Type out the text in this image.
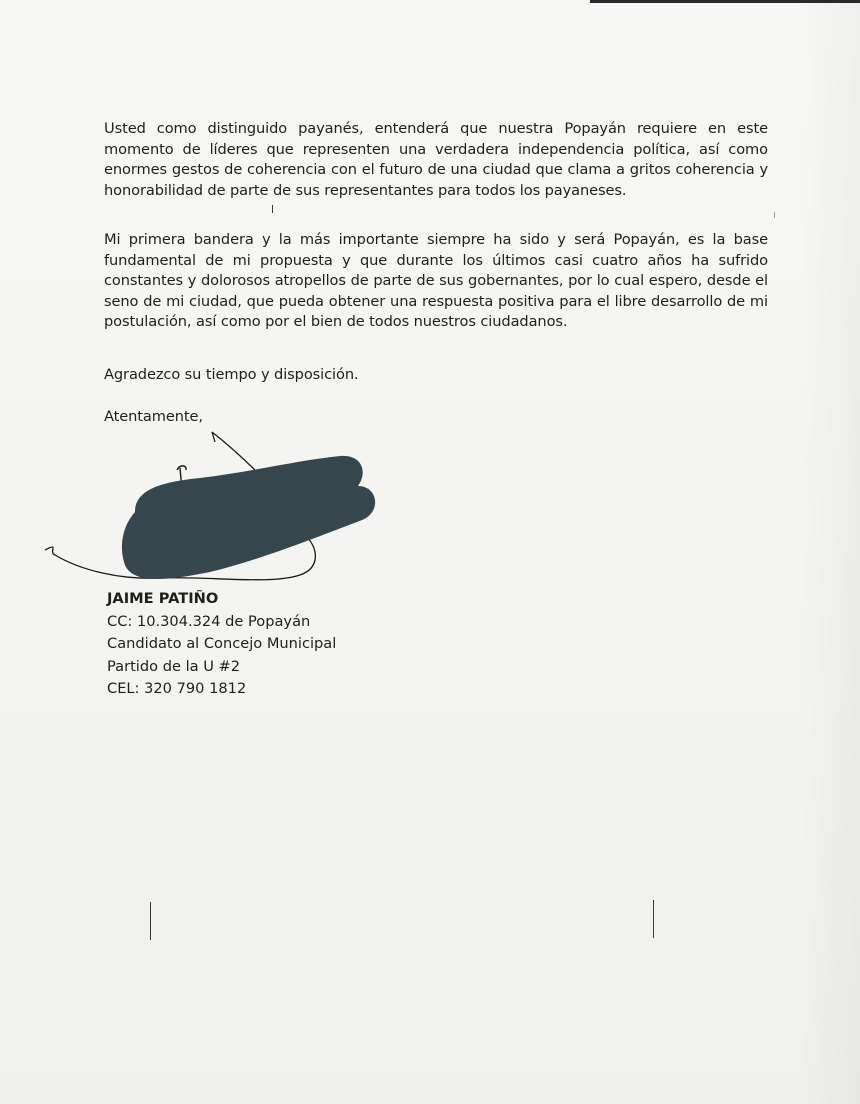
Usted como distinguido payanés, entenderá que nuestra Popayán requiere en este momento de líderes que representen una verdadera independencia política, así como enormes gestos de coherencia con el futuro de una ciudad que clama a gritos coherencia y honorabilidad de parte de sus representantes para todos los payaneses.

Mi primera bandera y la más importante siempre ha sido y será Popayán, es la base fundamental de mi propuesta y que durante los últimos casi cuatro años ha sufrido constantes y dolorosos atropellos de parte de sus gobernantes, por lo cual espero, desde el seno de mi ciudad, que pueda obtener una respuesta positiva para el libre desarrollo de mi postulación, así como por el bien de todos nuestros ciudadanos.

Agradezco su tiempo y disposición.

Atentamente,

JAIME PATIÑO
CC: 10.304.324 de Popayán
Candidato al Concejo Municipal
Partido de la U #2
CEL: 320 790 1812
